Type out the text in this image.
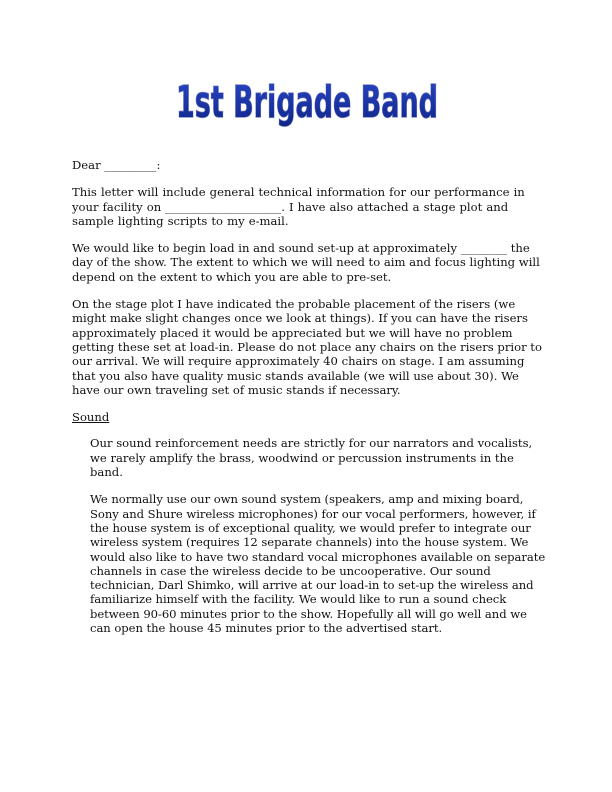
1st Brigade Band

Dear _________:

This letter will include general technical information for our performance in your facility on ____________________. I have also attached a stage plot and sample lighting scripts to my e-mail.

We would like to begin load in and sound set-up at approximately ________ the day of the show. The extent to which we will need to aim and focus lighting will depend on the extent to which you are able to pre-set.

On the stage plot I have indicated the probable placement of the risers (we might make slight changes once we look at things). If you can have the risers approximately placed it would be appreciated but we will have no problem getting these set at load-in. Please do not place any chairs on the risers prior to our arrival. We will require approximately 40 chairs on stage. I am assuming that you also have quality music stands available (we will use about 30). We have our own traveling set of music stands if necessary.

Sound

Our sound reinforcement needs are strictly for our narrators and vocalists, we rarely amplify the brass, woodwind or percussion instruments in the band.

We normally use our own sound system (speakers, amp and mixing board, Sony and Shure wireless microphones) for our vocal performers, however, if the house system is of exceptional quality, we would prefer to integrate our wireless system (requires 12 separate channels) into the house system. We would also like to have two standard vocal microphones available on separate channels in case the wireless decide to be uncooperative. Our sound technician, Darl Shimko, will arrive at our load-in to set-up the wireless and familiarize himself with the facility. We would like to run a sound check between 90-60 minutes prior to the show. Hopefully all will go well and we can open the house 45 minutes prior to the advertised start.
